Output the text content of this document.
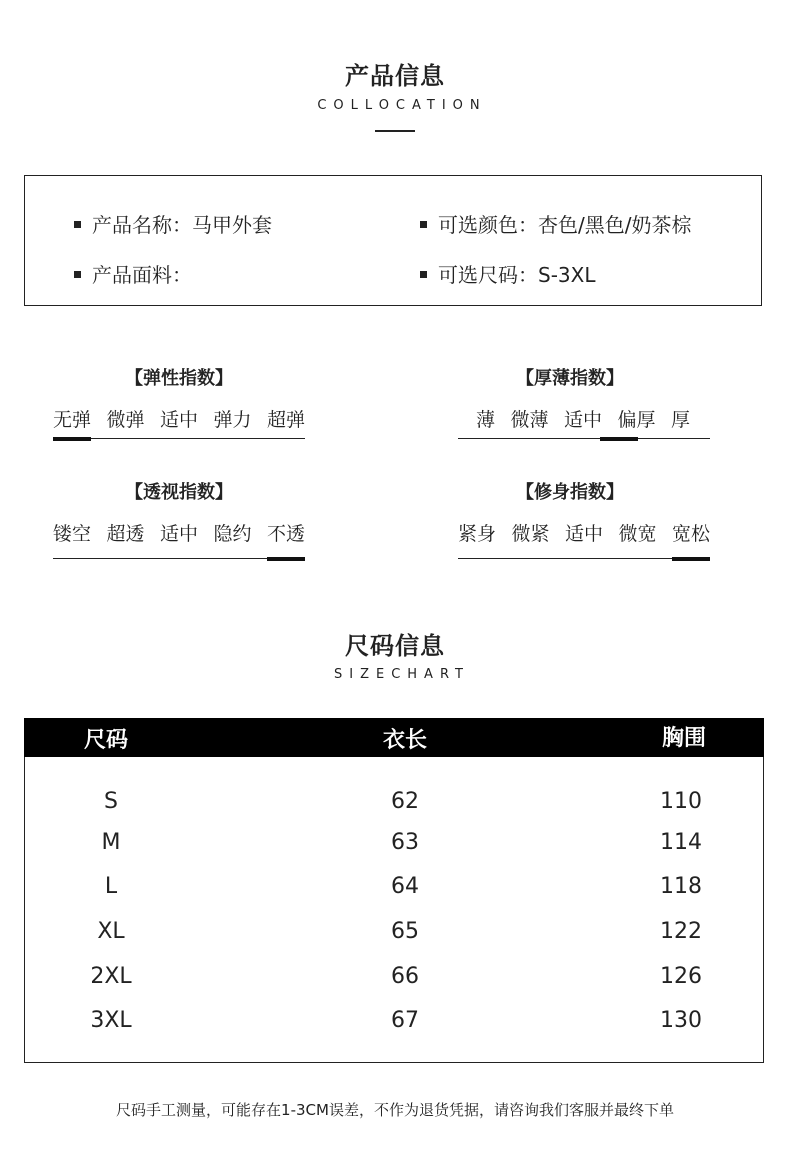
产品信息
COLLOCATION
产品名称：马甲外套	可选颜色：杏色/黑色/奶茶棕
产品面料：	可选尺码：S-3XL
【弹性指数】
无弹 微弹 适中 弹力 超弹
【厚薄指数】
薄 微薄 适中 偏厚 厚
【透视指数】
镂空 超透 适中 隐约 不透
【修身指数】
紧身 微紧 适中 微宽 宽松
尺码信息
SIZECHART
尺码	衣长	胸围
S	62	110
M	63	114
L	64	118
XL	65	122
2XL	66	126
3XL	67	130
尺码手工测量，可能存在1-3CM误差，不作为退货凭据，请咨询我们客服并最终下单
